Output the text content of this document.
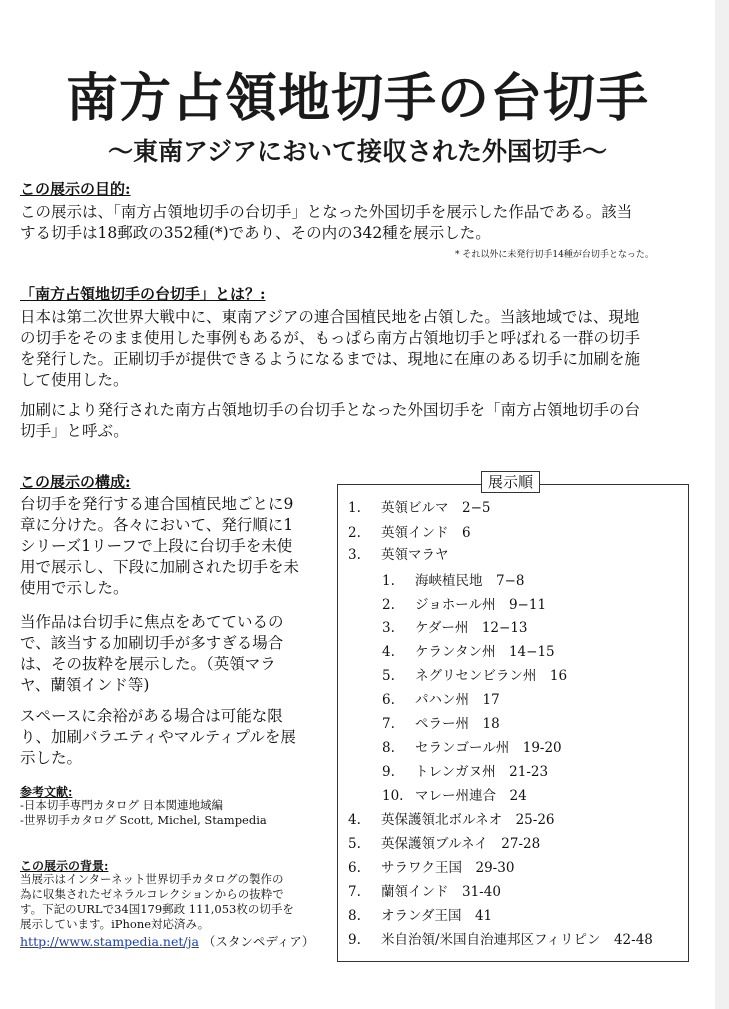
南方占領地切手の台切手
〜東南アジアにおいて接収された外国切手〜
この展示の目的:
この展示は、「南方占領地切手の台切手」となった外国切手を展示した作品である。該当
する切手は18郵政の352種(*)であり、その内の342種を展示した。
* それ以外に未発行切手14種が台切手となった。
「南方占領地切手の台切手」とは？:
日本は第二次世界大戦中に、東南アジアの連合国植民地を占領した。当該地域では、現地
の切手をそのまま使用した事例もあるが、もっぱら南方占領地切手と呼ばれる一群の切手
を発行した。正刷切手が提供できるようになるまでは、現地に在庫のある切手に加刷を施
して使用した。
加刷により発行された南方占領地切手の台切手となった外国切手を「南方占領地切手の台
切手」と呼ぶ。
この展示の構成:
台切手を発行する連合国植民地ごとに9
章に分けた。各々において、発行順に1
シリーズ1リーフで上段に台切手を未使
用で展示し、下段に加刷された切手を未
使用で示した。
当作品は台切手に焦点をあてているの
で、該当する加刷切手が多すぎる場合
は、その抜粋を展示した。（英領マラ
ヤ、蘭領インド等)
スペースに余裕がある場合は可能な限
り、加刷バラエティやマルティプルを展
示した。
参考文献:
-日本切手専門カタログ 日本関連地域編
-世界切手カタログ Scott, Michel, Stampedia
この展示の背景:
当展示はインターネット世界切手カタログの製作の
為に収集されたゼネラルコレクションからの抜粋で
す。下記のURLで34国179郵政 111,053枚の切手を
展示しています。iPhone対応済み。
http://www.stampedia.net/ja （スタンペディア）
展示順
1. 英領ビルマ　2−5
2. 英領インド　6
3. 英領マラヤ
1. 海峡植民地　7−8
2. ジョホール州　9−11
3. ケダー州　12−13
4. ケランタン州　14−15
5. ネグリセンビラン州　16
6. パハン州　17
7. ペラー州　18
8. セランゴール州　19-20
9. トレンガヌ州　21-23
10. マレー州連合　24
4. 英保護領北ボルネオ　25-26
5. 英保護領ブルネイ　27-28
6. サラワク王国　29-30
7. 蘭領インド　31-40
8. オランダ王国　41
9. 米自治領/米国自治連邦区フィリピン　42-48
